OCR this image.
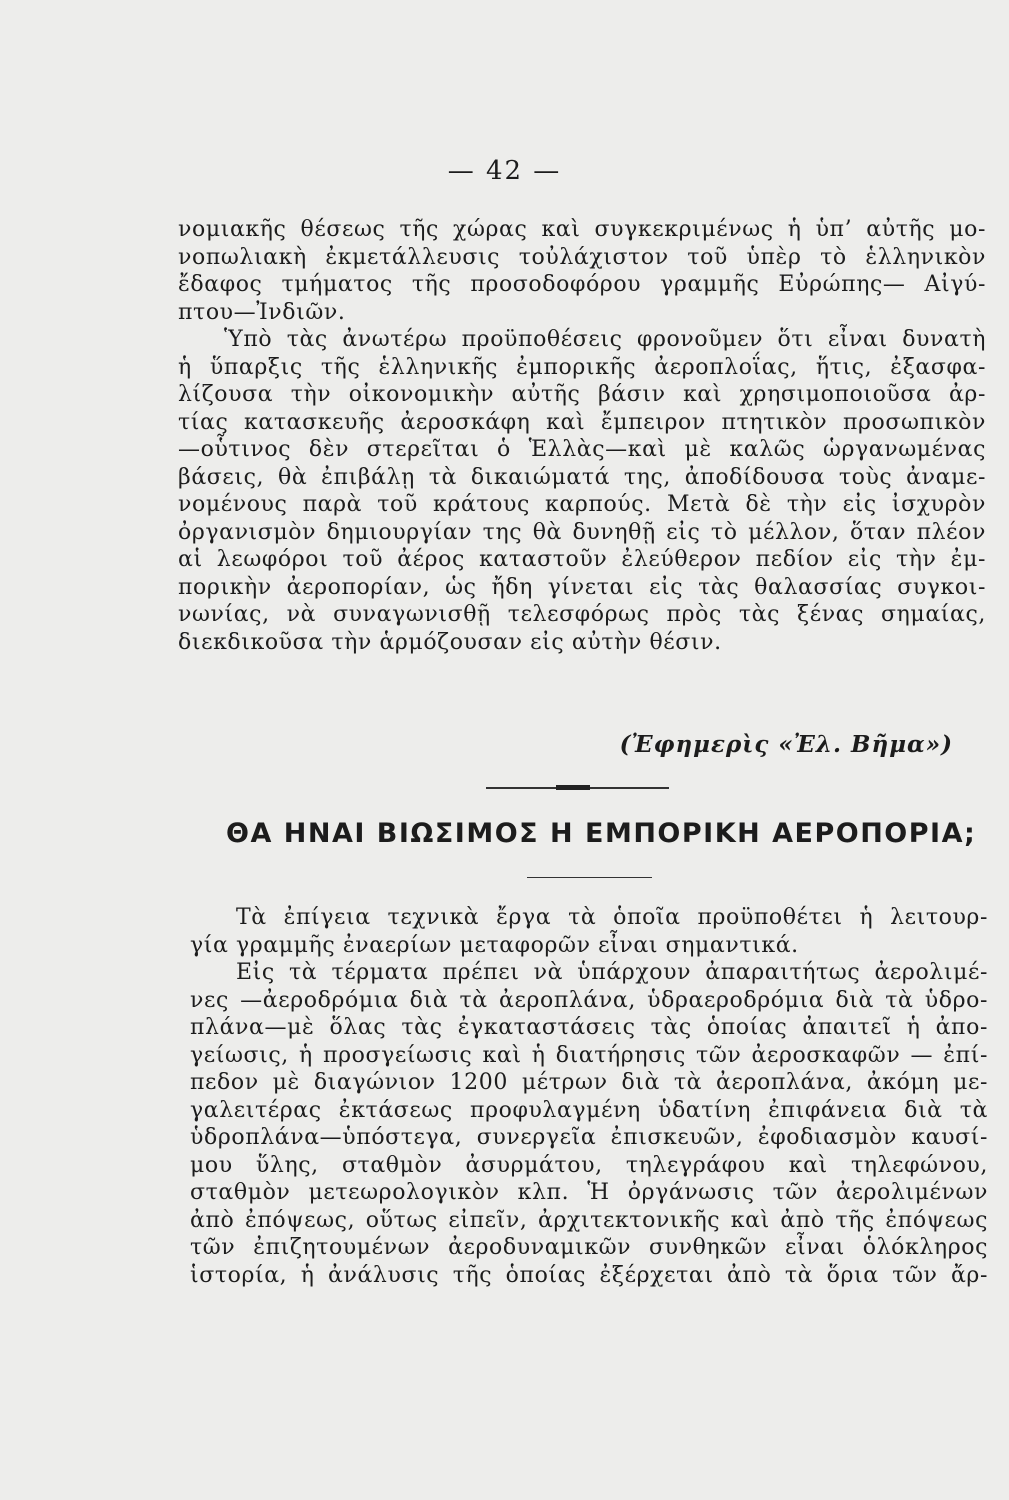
— 42 —
νομιακῆς θέσεως τῆς χώρας καὶ συγκεκριμένως ἡ ὑπ’ αὐτῆς μο-
νοπωλιακὴ ἐκμετάλλευσις τοὐλάχιστον τοῦ ὑπὲρ τὸ ἑλληνικὸν
ἔδαφος τμήματος τῆς προσοδοφόρου γραμμῆς Εὐρώπης— Αἰγύ-
πτου—Ἰνδιῶν.
Ὑπὸ τὰς ἀνωτέρω προϋποθέσεις φρονοῦμεν ὅτι εἶναι δυνατὴ
ἡ ὕπαρξις τῆς ἑλληνικῆς ἐμπορικῆς ἀεροπλοΐας, ἥτις, ἐξασφα-
λίζουσα τὴν οἰκονομικὴν αὐτῆς βάσιν καὶ χρησιμοποιοῦσα ἀρ-
τίας κατασκευῆς ἀεροσκάφη καὶ ἔμπειρον πτητικὸν προσωπικὸν
—οὗτινος δὲν στερεῖται ὁ Ἑλλὰς—καὶ μὲ καλῶς ὡργανωμένας
βάσεις, θὰ ἐπιβάλῃ τὰ δικαιώματά της, ἀποδίδουσα τοὺς ἀναμε-
νομένους παρὰ τοῦ κράτους καρπούς. Μετὰ δὲ τὴν εἰς ἰσχυρὸν
ὀργανισμὸν δημιουργίαν της θὰ δυνηθῇ εἰς τὸ μέλλον, ὅταν πλέον
αἱ λεωφόροι τοῦ ἀέρος καταστοῦν ἐλεύθερον πεδίον εἰς τὴν ἐμ-
πορικὴν ἀεροπορίαν, ὡς ἤδη γίνεται εἰς τὰς θαλασσίας συγκοι-
νωνίας, νὰ συναγωνισθῇ τελεσφόρως πρὸς τὰς ξένας σημαίας,
διεκδικοῦσα τὴν ἁρμόζουσαν εἰς αὐτὴν θέσιν.
(Ἐφημερὶς «Ἐλ. Βῆμα»)
ΘΑ ΗΝΑΙ ΒΙΩΣΙΜΟΣ Η ΕΜΠΟΡΙΚΗ ΑΕΡΟΠΟΡΙΑ;
Τὰ ἐπίγεια τεχνικὰ ἔργα τὰ ὁποῖα προϋποθέτει ἡ λειτουρ-
γία γραμμῆς ἐναερίων μεταφορῶν εἶναι σημαντικά.
Εἰς τὰ τέρματα πρέπει νὰ ὑπάρχουν ἀπαραιτήτως ἀερολιμέ-
νες —ἀεροδρόμια διὰ τὰ ἀεροπλάνα, ὑδραεροδρόμια διὰ τὰ ὑδρο-
πλάνα—μὲ ὅλας τὰς ἐγκαταστάσεις τὰς ὁποίας ἀπαιτεῖ ἡ ἀπο-
γείωσις, ἡ προσγείωσις καὶ ἡ διατήρησις τῶν ἀεροσκαφῶν — ἐπί-
πεδον μὲ διαγώνιον 1200 μέτρων διὰ τὰ ἀεροπλάνα, ἀκόμη με-
γαλειτέρας ἐκτάσεως προφυλαγμένη ὑδατίνη ἐπιφάνεια διὰ τὰ
ὑδροπλάνα—ὑπόστεγα, συνεργεῖα ἐπισκευῶν, ἐφοδιασμὸν καυσί-
μου ὕλης, σταθμὸν ἀσυρμάτου, τηλεγράφου καὶ τηλεφώνου,
σταθμὸν μετεωρολογικὸν κλπ. Ἡ ὀργάνωσις τῶν ἀερολιμένων
ἀπὸ ἐπόψεως, οὕτως εἰπεῖν, ἀρχιτεκτονικῆς καὶ ἀπὸ τῆς ἐπόψεως
τῶν ἐπιζητουμένων ἀεροδυναμικῶν συνθηκῶν εἶναι ὁλόκληρος
ἱστορία, ἡ ἀνάλυσις τῆς ὁποίας ἐξέρχεται ἀπὸ τὰ ὅρια τῶν ἄρ-
